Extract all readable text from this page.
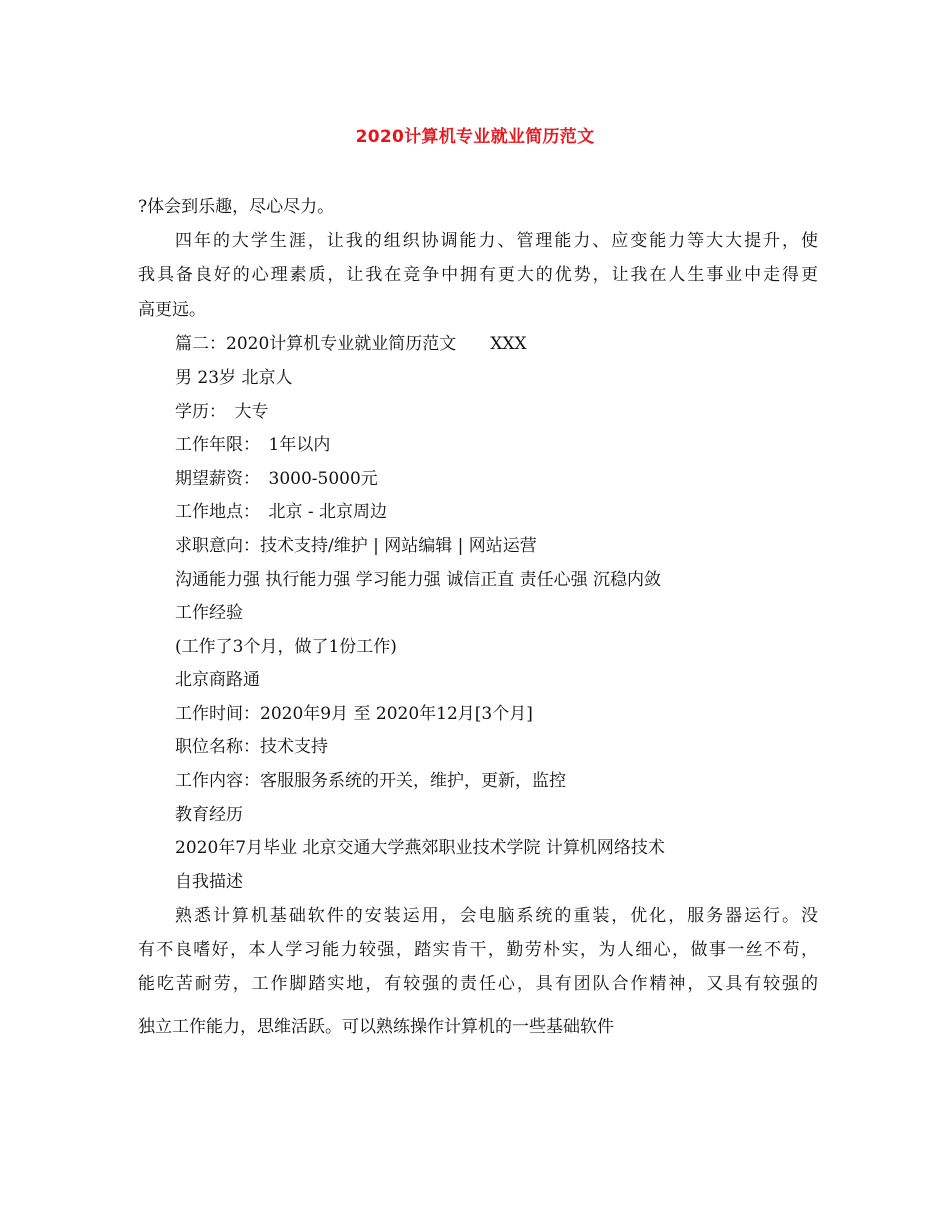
2020计算机专业就业简历范文
?体会到乐趣，尽心尽力。
四年的大学生涯，让我的组织协调能力、管理能力、应变能力等大大提升，使
我具备良好的心理素质，让我在竞争中拥有更大的优势，让我在人生事业中走得更
高更远。
篇二：2020计算机专业就业简历范文　　XXX
男 23岁 北京人
学历：　大专
工作年限：　1年以内
期望薪资：　3000-5000元
工作地点：　北京 - 北京周边
求职意向：技术支持/维护 | 网站编辑 | 网站运营
沟通能力强 执行能力强 学习能力强 诚信正直 责任心强 沉稳内敛
工作经验
(工作了3个月，做了1份工作)
北京商路通
工作时间：2020年9月 至 2020年12月[3个月]
职位名称：技术支持
工作内容：客服服务系统的开关，维护，更新，监控
教育经历
2020年7月毕业 北京交通大学燕郊职业技术学院 计算机网络技术
自我描述
熟悉计算机基础软件的安装运用，会电脑系统的重装，优化，服务器运行。没
有不良嗜好，本人学习能力较强，踏实肯干，勤劳朴实，为人细心，做事一丝不苟，
能吃苦耐劳，工作脚踏实地，有较强的责任心，具有团队合作精神，又具有较强的
独立工作能力，思维活跃。可以熟练操作计算机的一些基础软件
